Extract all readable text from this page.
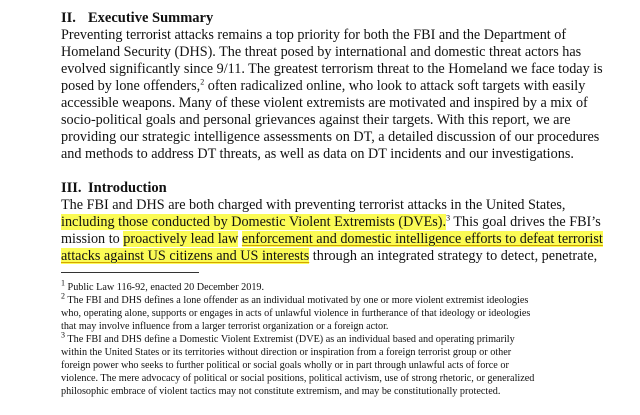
II. Executive Summary
Preventing terrorist attacks remains a top priority for both the FBI and the Department of
Homeland Security (DHS). The threat posed by international and domestic threat actors has
evolved significantly since 9/11. The greatest terrorism threat to the Homeland we face today is
posed by lone offenders,$^2$ often radicalized online, who look to attack soft targets with easily
accessible weapons. Many of these violent extremists are motivated and inspired by a mix of
socio-political goals and personal grievances against their targets. With this report, we are
providing our strategic intelligence assessments on DT, a detailed discussion of our procedures
and methods to address DT threats, as well as data on DT incidents and our investigations.
III. Introduction
The FBI and DHS are both charged with preventing terrorist attacks in the United States,
including those conducted by Domestic Violent Extremists (DVEs).$^3$ This goal drives the FBI’s
mission to proactively lead law enforcement and domestic intelligence efforts to defeat terrorist
attacks against US citizens and US interests through an integrated strategy to detect, penetrate,
$^1$ Public Law 116-92, enacted 20 December 2019.
$^2$ The FBI and DHS defines a lone offender as an individual motivated by one or more violent extremist ideologies
who, operating alone, supports or engages in acts of unlawful violence in furtherance of that ideology or ideologies
that may involve influence from a larger terrorist organization or a foreign actor.
$^3$ The FBI and DHS define a Domestic Violent Extremist (DVE) as an individual based and operating primarily
within the United States or its territories without direction or inspiration from a foreign terrorist group or other
foreign power who seeks to further political or social goals wholly or in part through unlawful acts of force or
violence. The mere advocacy of political or social positions, political activism, use of strong rhetoric, or generalized
philosophic embrace of violent tactics may not constitute extremism, and may be constitutionally protected.
